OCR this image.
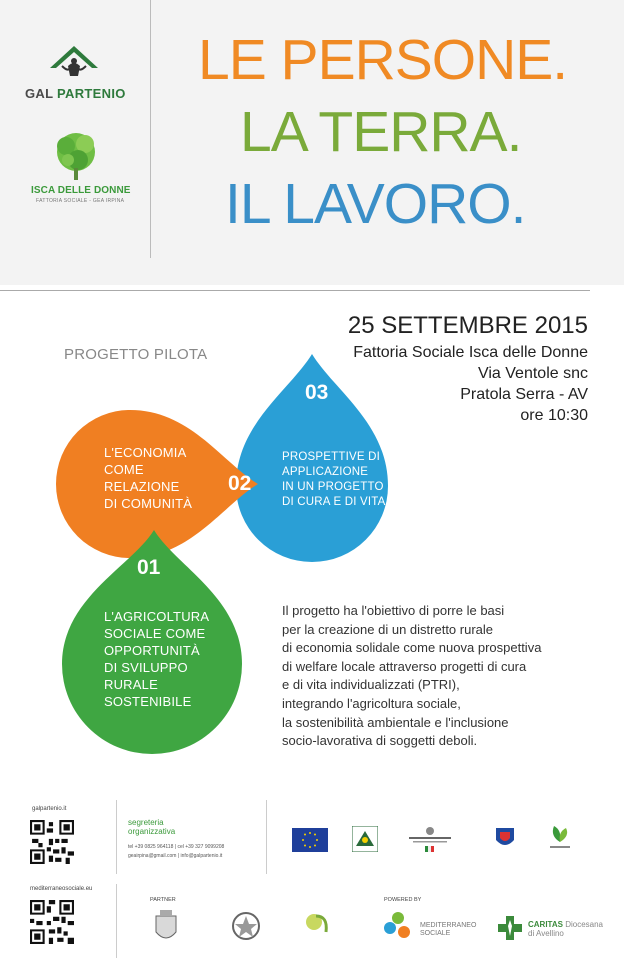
GAL PARTENIO
ISCA DELLE DONNE
FATTORIA SOCIALE - GEA IRPINA
LE PERSONE.
LA TERRA.
IL LAVORO.
25 SETTEMBRE 2015
Fattoria Sociale Isca delle Donne
Via Ventole snc
Pratola Serra - AV
ore 10:30
PROGETTO PILOTA
03
02
01
L'ECONOMIA
COME
RELAZIONE
DI COMUNITÀ
PROSPETTIVE DI
APPLICAZIONE
IN UN PROGETTO
DI CURA E DI VITA.
L'AGRICOLTURA
SOCIALE COME
OPPORTUNITÀ
DI SVILUPPO
RURALE
SOSTENIBILE
Il progetto ha l'obiettivo di porre le basi
per la creazione di un distretto rurale
di economia solidale come nuova prospettiva
di welfare locale attraverso progetti di cura
e di vita individualizzati (PTRI),
integrando l'agricoltura sociale,
la sostenibilità ambientale e l'inclusione
socio-lavorativa di soggetti deboli.
galpartenio.it
segreteria
organizzativa
tel +39 0825 964118 | cel +39 327 9099208
geairpina@gmail.com | info@galpartenio.it
mediterraneosociale.eu
PARTNER	POWERED BY
MEDITERRANEO
SOCIALE
CARITAS Diocesana
di Avellino
